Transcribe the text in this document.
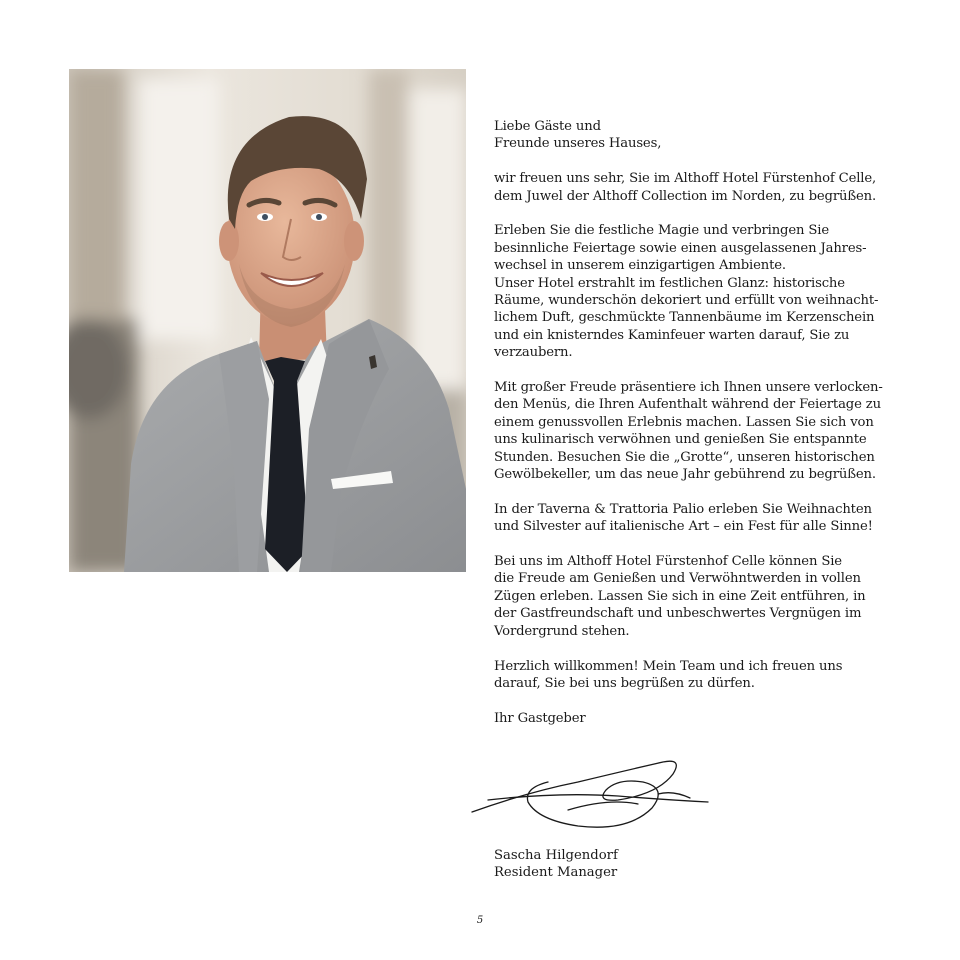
Liebe Gäste und
Freunde unseres Hauses,

wir freuen uns sehr, Sie im Althoff Hotel Fürstenhof Celle,
dem Juwel der Althoff Collection im Norden, zu begrüßen.

Erleben Sie die festliche Magie und verbringen Sie
besinnliche Feiertage sowie einen ausgelassenen Jahres-
wechsel in unserem einzigartigen Ambiente.
Unser Hotel erstrahlt im festlichen Glanz: historische
Räume, wunderschön dekoriert und erfüllt von weihnacht-
lichem Duft, geschmückte Tannenbäume im Kerzenschein
und ein knisterndes Kaminfeuer warten darauf, Sie zu
verzaubern.

Mit großer Freude präsentiere ich Ihnen unsere verlocken-
den Menüs, die Ihren Aufenthalt während der Feiertage zu
einem genussvollen Erlebnis machen. Lassen Sie sich von
uns kulinarisch verwöhnen und genießen Sie entspannte
Stunden. Besuchen Sie die „Grotte“, unseren historischen
Gewölbekeller, um das neue Jahr gebührend zu begrüßen.

In der Taverna & Trattoria Palio erleben Sie Weihnachten
und Silvester auf italienische Art – ein Fest für alle Sinne!

Bei uns im Althoff Hotel Fürstenhof Celle können Sie
die Freude am Genießen und Verwöhntwerden in vollen
Zügen erleben. Lassen Sie sich in eine Zeit entführen, in
der Gastfreundschaft und unbeschwertes Vergnügen im
Vordergrund stehen.

Herzlich willkommen! Mein Team und ich freuen uns
darauf, Sie bei uns begrüßen zu dürfen.

Ihr Gastgeber

Sascha Hilgendorf
Resident Manager
5
